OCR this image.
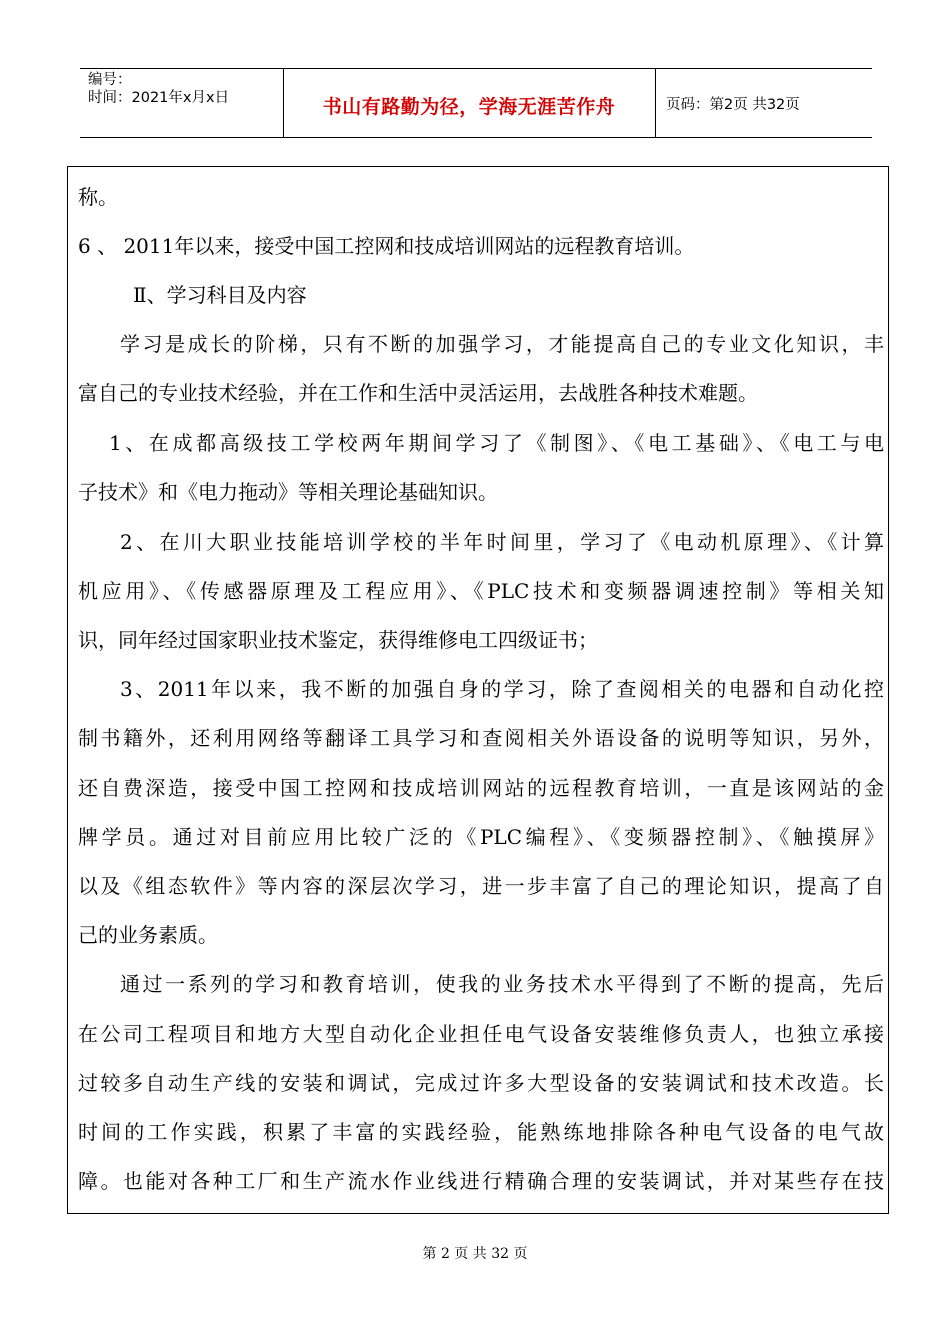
编号：
时间：2021年x月x日	书山有路勤为径，学海无涯苦作舟	页码：第2页 共32页
称。
6 、 2011年以来，接受中国工控网和技成培训网站的远程教育培训。
Ⅱ、学习科目及内容
学习是成长的阶梯，只有不断的加强学习，才能提高自己的专业文化知识，丰
富自己的专业技术经验，并在工作和生活中灵活运用，去战胜各种技术难题。
1、在成都高级技工学校两年期间学习了《制图》、《电工基础》、《电工与电
子技术》和《电力拖动》等相关理论基础知识。
2、在川大职业技能培训学校的半年时间里，学习了《电动机原理》、《计算
机应用》、《传感器原理及工程应用》、《PLC技术和变频器调速控制》等相关知
识，同年经过国家职业技术鉴定，获得维修电工四级证书；
3、2011年以来，我不断的加强自身的学习，除了查阅相关的电器和自动化控
制书籍外，还利用网络等翻译工具学习和查阅相关外语设备的说明等知识，另外，
还自费深造，接受中国工控网和技成培训网站的远程教育培训，一直是该网站的金
牌学员。通过对目前应用比较广泛的《PLC编程》、《变频器控制》、《触摸屏》
以及《组态软件》等内容的深层次学习，进一步丰富了自己的理论知识，提高了自
己的业务素质。
通过一系列的学习和教育培训，使我的业务技术水平得到了不断的提高，先后
在公司工程项目和地方大型自动化企业担任电气设备安装维修负责人，也独立承接
过较多自动生产线的安装和调试，完成过许多大型设备的安装调试和技术改造。长
时间的工作实践，积累了丰富的实践经验，能熟练地排除各种电气设备的电气故
障。也能对各种工厂和生产流水作业线进行精确合理的安装调试，并对某些存在技
第 2 页 共 32 页
